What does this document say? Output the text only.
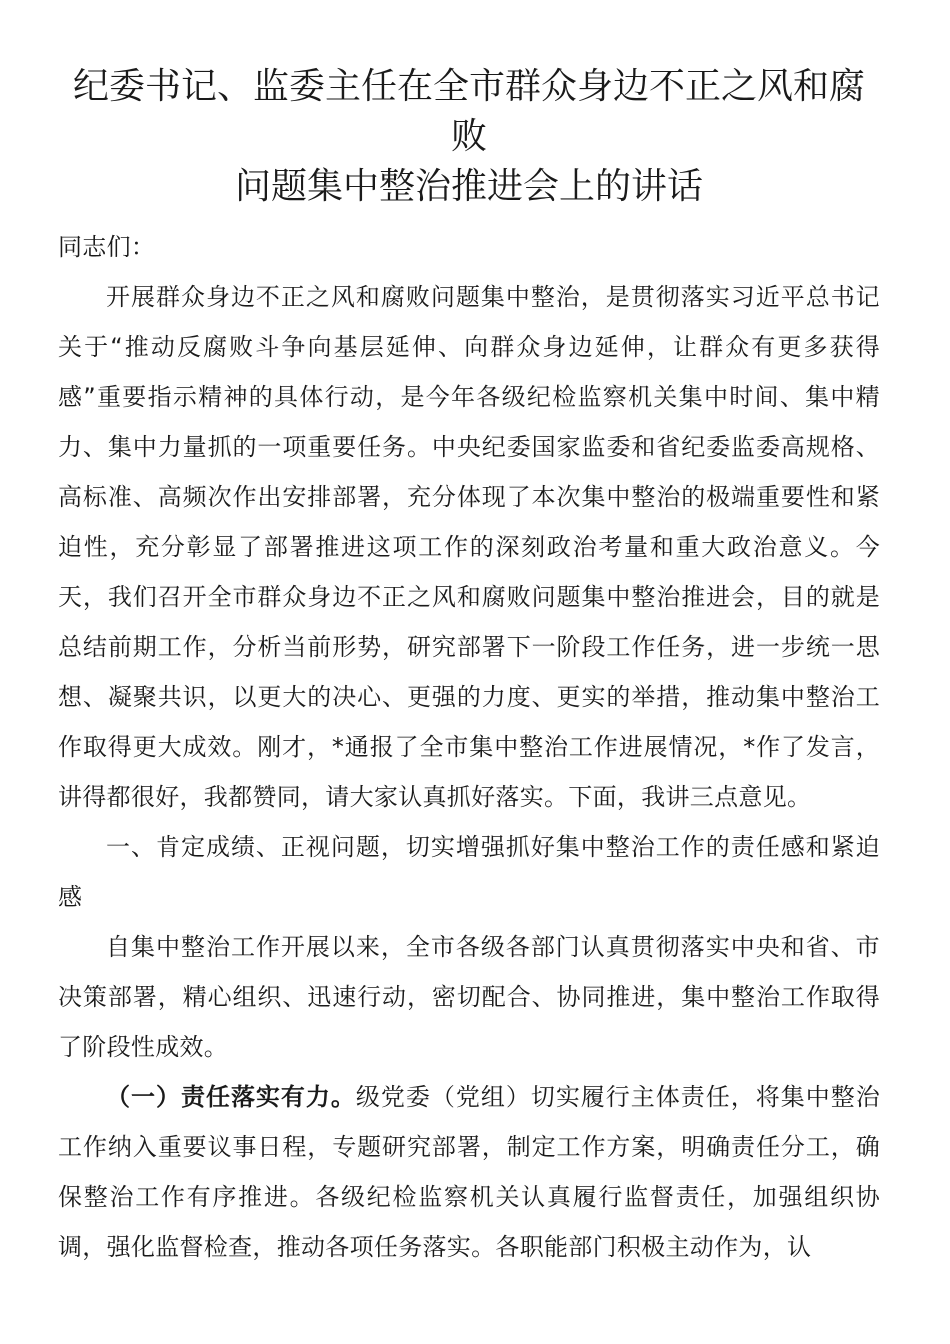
纪委书记、监委主任在全市群众身边不正之风和腐败
问题集中整治推进会上的讲话

同志们：

开展群众身边不正之风和腐败问题集中整治，是贯彻落实习近平总书记关于“推动反腐败斗争向基层延伸、向群众身边延伸，让群众有更多获得感”重要指示精神的具体行动，是今年各级纪检监察机关集中时间、集中精力、集中力量抓的一项重要任务。中央纪委国家监委和省纪委监委高规格、高标准、高频次作出安排部署，充分体现了本次集中整治的极端重要性和紧迫性，充分彰显了部署推进这项工作的深刻政治考量和重大政治意义。今天，我们召开全市群众身边不正之风和腐败问题集中整治推进会，目的就是总结前期工作，分析当前形势，研究部署下一阶段工作任务，进一步统一思想、凝聚共识，以更大的决心、更强的力度、更实的举措，推动集中整治工作取得更大成效。刚才，*通报了全市集中整治工作进展情况，*作了发言，讲得都很好，我都赞同，请大家认真抓好落实。下面，我讲三点意见。

一、肯定成绩、正视问题，切实增强抓好集中整治工作的责任感和紧迫感

自集中整治工作开展以来，全市各级各部门认真贯彻落实中央和省、市决策部署，精心组织、迅速行动，密切配合、协同推进，集中整治工作取得了阶段性成效。

（一）责任落实有力。级党委（党组）切实履行主体责任，将集中整治工作纳入重要议事日程，专题研究部署，制定工作方案，明确责任分工，确保整治工作有序推进。各级纪检监察机关认真履行监督责任，加强组织协调，强化监督检查，推动各项任务落实。各职能部门积极主动作为，认
